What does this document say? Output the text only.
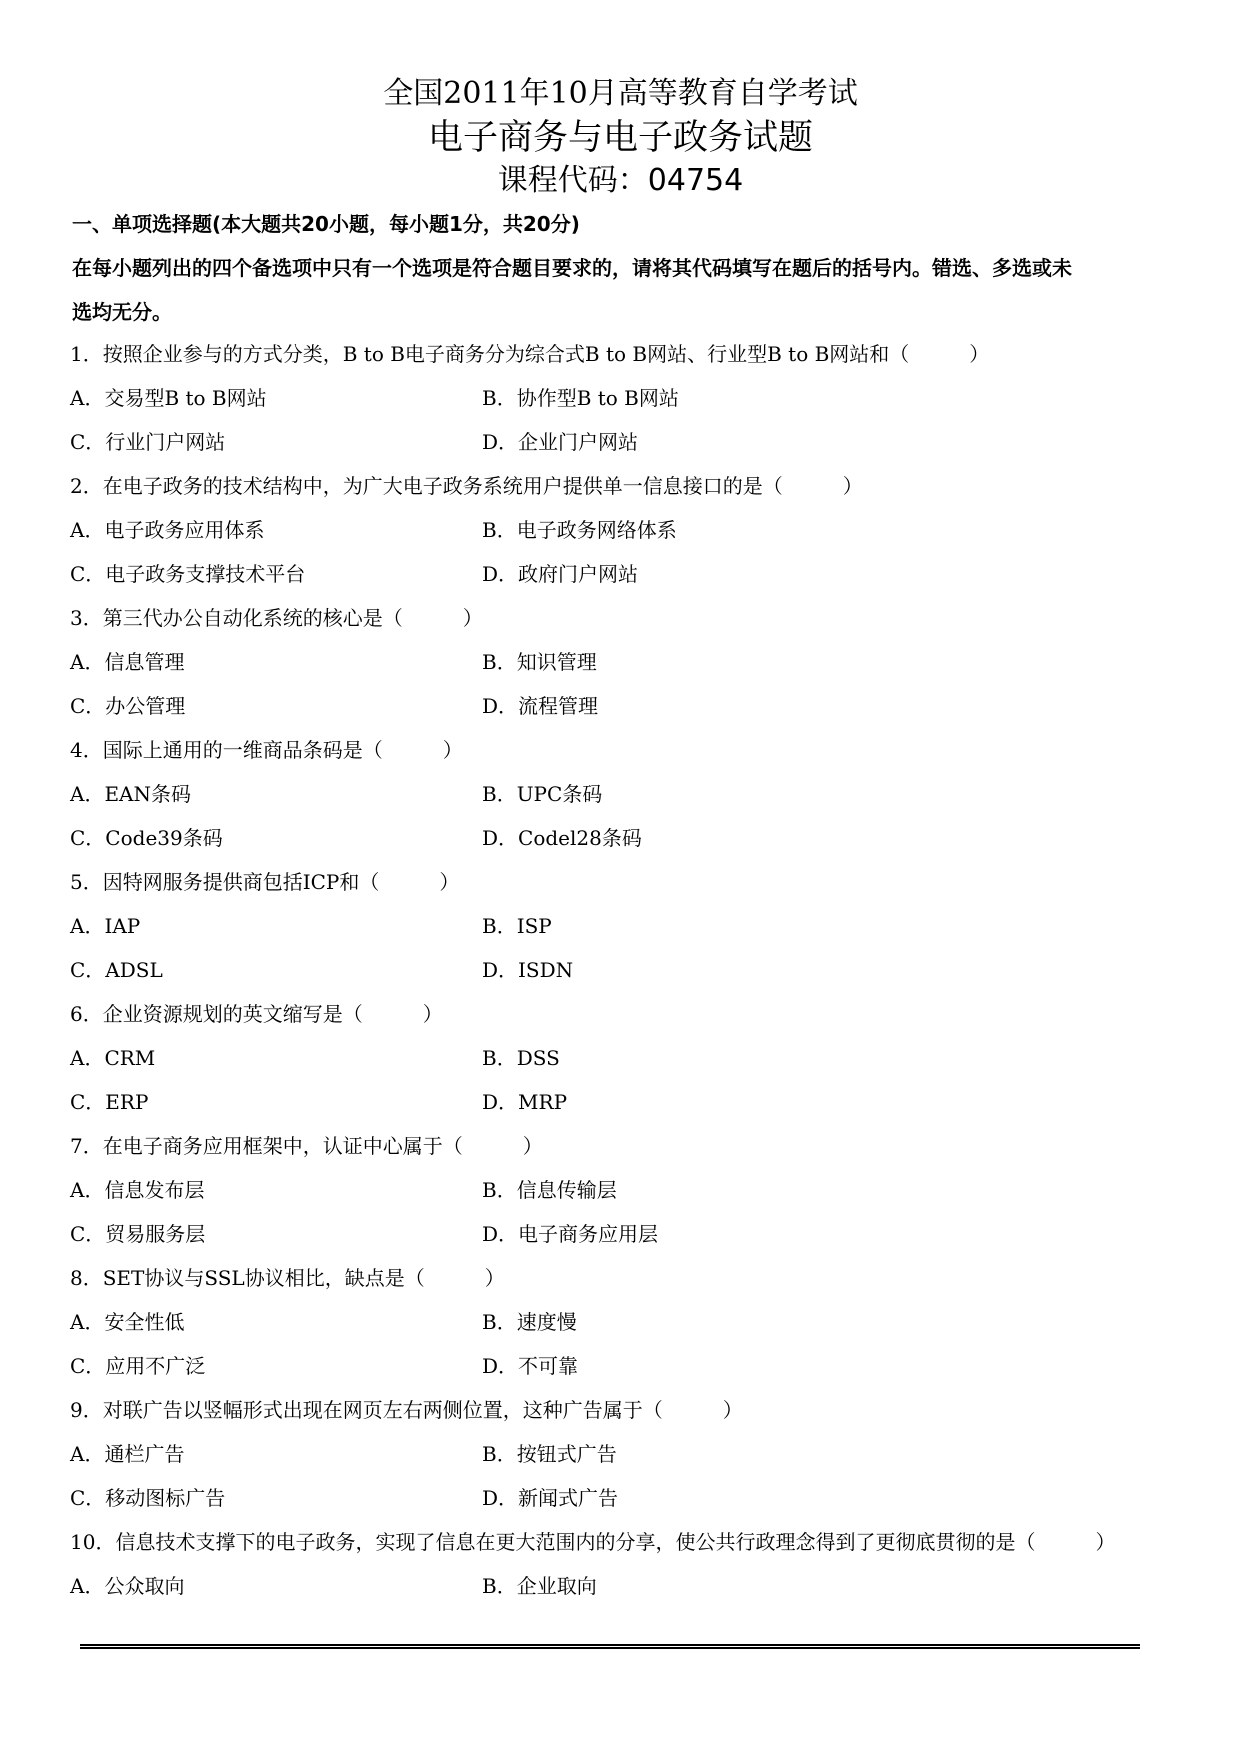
全国2011年10月高等教育自学考试
电子商务与电子政务试题
课程代码：04754
一、单项选择题(本大题共20小题，每小题1分，共20分)
在每小题列出的四个备选项中只有一个选项是符合题目要求的，请将其代码填写在题后的括号内。错选、多选或未
选均无分。
1．按照企业参与的方式分类，B to B电子商务分为综合式B to B网站、行业型B to B网站和（　　　）
A．交易型B to B网站	B．协作型B to B网站
C．行业门户网站	D．企业门户网站
2．在电子政务的技术结构中，为广大电子政务系统用户提供单一信息接口的是（　　　）
A．电子政务应用体系	B．电子政务网络体系
C．电子政务支撑技术平台	D．政府门户网站
3．第三代办公自动化系统的核心是（　　　）
A．信息管理	B．知识管理
C．办公管理	D．流程管理
4．国际上通用的一维商品条码是（　　　）
A．EAN条码	B．UPC条码
C．Code39条码	D．Codel28条码
5．因特网服务提供商包括ICP和（　　　）
A．IAP	B．ISP
C．ADSL	D．ISDN
6．企业资源规划的英文缩写是（　　　）
A．CRM	B．DSS
C．ERP	D．MRP
7．在电子商务应用框架中，认证中心属于（　　　）
A．信息发布层	B．信息传输层
C．贸易服务层	D．电子商务应用层
8．SET协议与SSL协议相比，缺点是（　　　）
A．安全性低	B．速度慢
C．应用不广泛	D．不可靠
9．对联广告以竖幅形式出现在网页左右两侧位置，这种广告属于（　　　）
A．通栏广告	B．按钮式广告
C．移动图标广告	D．新闻式广告
10．信息技术支撑下的电子政务，实现了信息在更大范围内的分享，使公共行政理念得到了更彻底贯彻的是（　　　）
A．公众取向	B．企业取向
